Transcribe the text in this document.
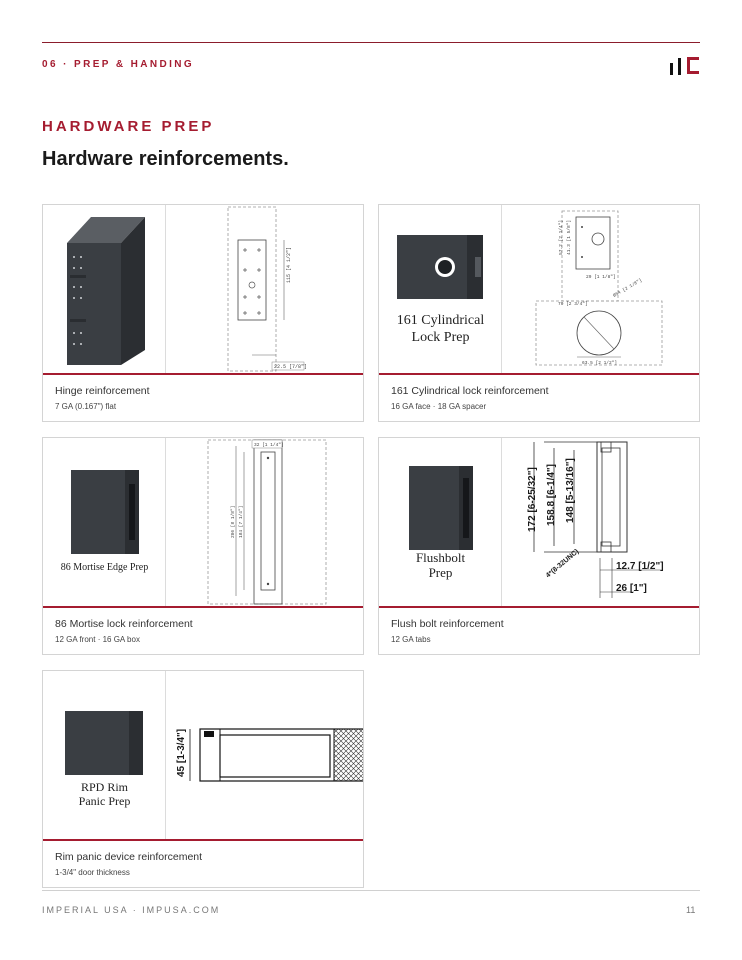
06 · PREP & HANDING
HARDWARE PREP
Hardware reinforcements.
115 [4 1/2"]
22.5 [7/8"]
Hinge reinforcement
7 GA (0.167") flat
161 Cylindrical
Lock Prep
57.2 [2 1/4"] 41.3 [1 5/8"]
29 [1 1/8"]
70 [2 3/4"]
Ø54 [2 1/8"]
63.5 [2 1/2"]
161 Cylindrical lock reinforcement
16 GA face · 18 GA spacer
86 Mortise Edge Prep
32 [1 1/4"]
206 [8 1/8"] 184 [7 1/4"]
86 Mortise lock reinforcement
12 GA front · 16 GA box
Flushbolt
Prep
172 [6-25/32"] 158.8 [6-1/4"] 148 [5-13/16"]
4*(8-32UNC)	12.7 [1/2"]
26 [1"]
Flush bolt reinforcement
12 GA tabs
RPD Rim
Panic Prep
45 [1-3/4"]
Rim panic device reinforcement
1-3/4" door thickness
IMPERIAL USA · IMPUSA.COM	11
